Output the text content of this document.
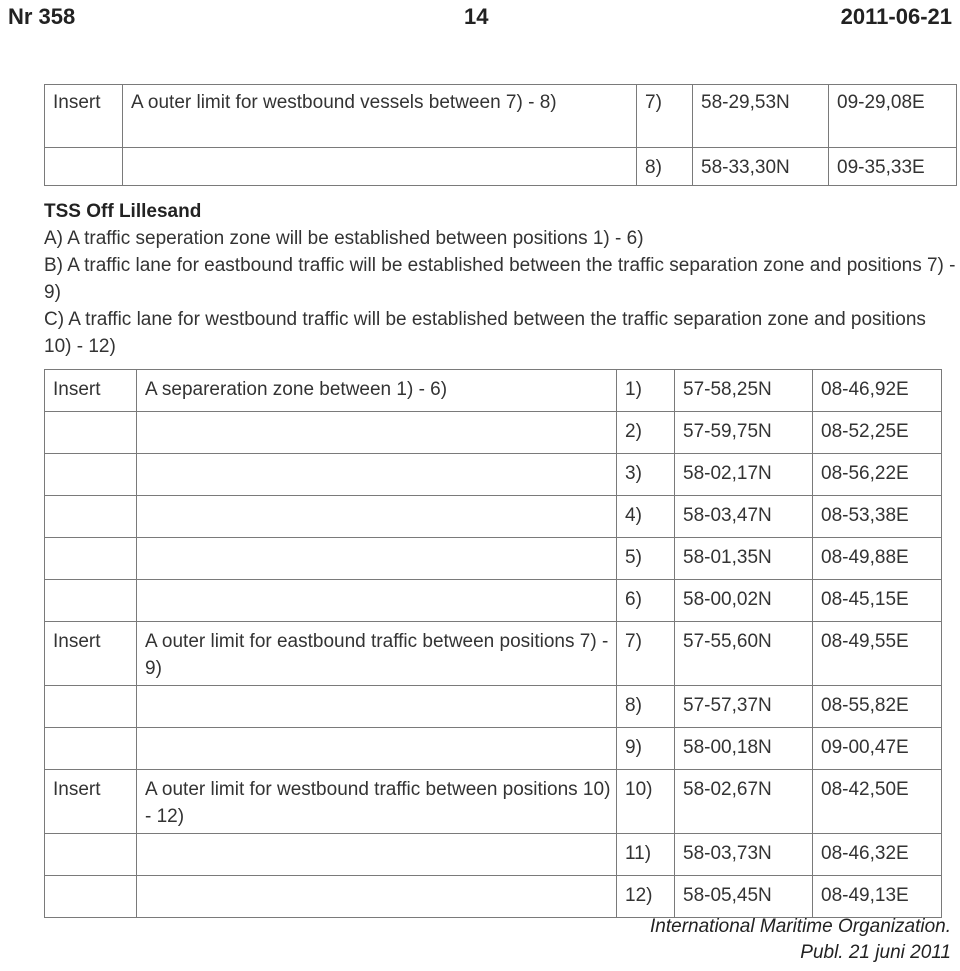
Nr 358	14	2011-06-21
Insert	A outer limit for westbound vessels between 7) - 8)	7)	58-29,53N	09-29,08E
		8)	58-33,30N	09-35,33E
TSS Off Lillesand
A) A traffic seperation zone will be established between positions 1) - 6)
B) A traffic lane for eastbound traffic will be established between the traffic separation zone and positions 7) - 9)
C) A traffic lane for westbound traffic will be established between the traffic separation zone and positions 10) - 12)
Insert	A separeration zone between 1) - 6)	1)	57-58,25N	08-46,92E
		2)	57-59,75N	08-52,25E
		3)	58-02,17N	08-56,22E
		4)	58-03,47N	08-53,38E
		5)	58-01,35N	08-49,88E
		6)	58-00,02N	08-45,15E
Insert	A outer limit for eastbound traffic between positions 7) - 9)	7)	57-55,60N	08-49,55E
		8)	57-57,37N	08-55,82E
		9)	58-00,18N	09-00,47E
Insert	A outer limit for westbound traffic between positions 10) - 12)	10)	58-02,67N	08-42,50E
		11)	58-03,73N	08-46,32E
		12)	58-05,45N	08-49,13E
International Maritime Organization.
Publ. 21 juni 2011
